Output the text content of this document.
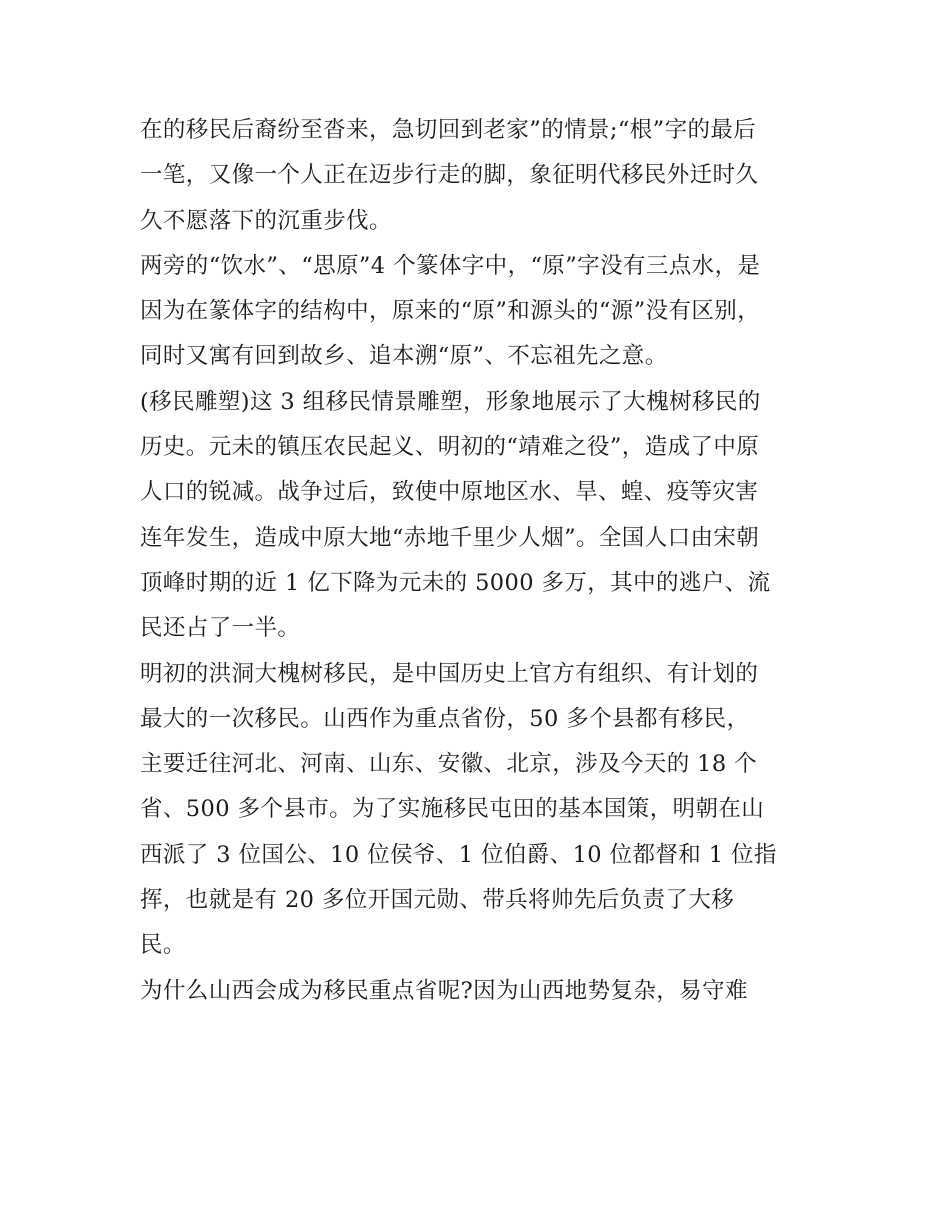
在的移民后裔纷至沓来，急切回到老家”的情景;“根”字的最后
一笔，又像一个人正在迈步行走的脚，象征明代移民外迁时久
久不愿落下的沉重步伐。
两旁的“饮水”、“思原”4 个篆体字中，“原”字没有三点水，是
因为在篆体字的结构中，原来的“原”和源头的“源”没有区别，
同时又寓有回到故乡、追本溯“原”、不忘祖先之意。
(移民雕塑)这 3 组移民情景雕塑，形象地展示了大槐树移民的
历史。元未的镇压农民起义、明初的“靖难之役”，造成了中原
人口的锐减。战争过后，致使中原地区水、旱、蝗、疫等灾害
连年发生，造成中原大地“赤地千里少人烟”。全国人口由宋朝
顶峰时期的近 1 亿下降为元未的 5000 多万，其中的逃户、流
民还占了一半。
明初的洪洞大槐树移民，是中国历史上官方有组织、有计划的
最大的一次移民。山西作为重点省份，50 多个县都有移民，
主要迁往河北、河南、山东、安徽、北京，涉及今天的 18 个
省、500 多个县市。为了实施移民屯田的基本国策，明朝在山
西派了 3 位国公、10 位侯爷、1 位伯爵、10 位都督和 1 位指
挥，也就是有 20 多位开国元勋、带兵将帅先后负责了大移
民。
为什么山西会成为移民重点省呢?因为山西地势复杂，易守难
